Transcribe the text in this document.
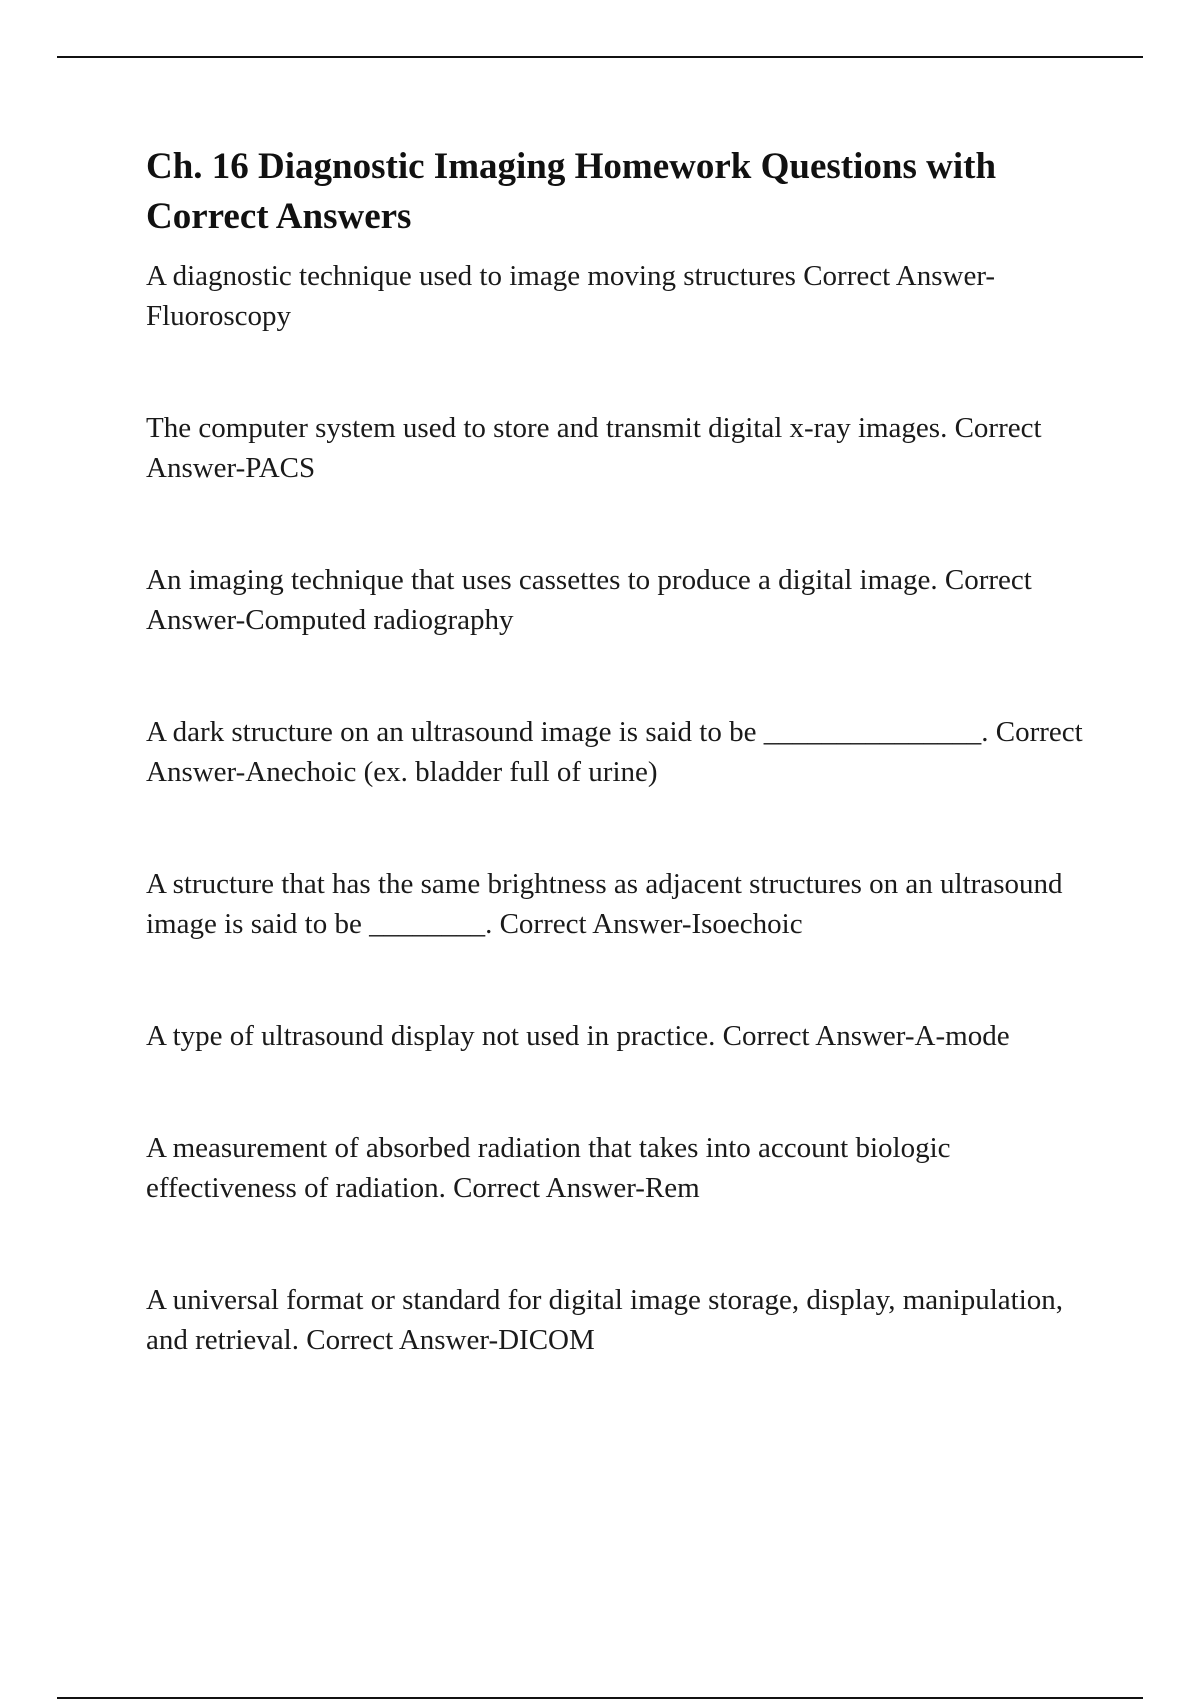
Ch. 16 Diagnostic Imaging Homework Questions with Correct Answers
A diagnostic technique used to image moving structures Correct Answer-Fluoroscopy
The computer system used to store and transmit digital x-ray images. Correct Answer-PACS
An imaging technique that uses cassettes to produce a digital image. Correct Answer-Computed radiography
A dark structure on an ultrasound image is said to be _______________. Correct Answer-Anechoic (ex. bladder full of urine)
A structure that has the same brightness as adjacent structures on an ultrasound image is said to be ________. Correct Answer-Isoechoic
A type of ultrasound display not used in practice. Correct Answer-A-mode
A measurement of absorbed radiation that takes into account biologic effectiveness of radiation. Correct Answer-Rem
A universal format or standard for digital image storage, display, manipulation, and retrieval. Correct Answer-DICOM
